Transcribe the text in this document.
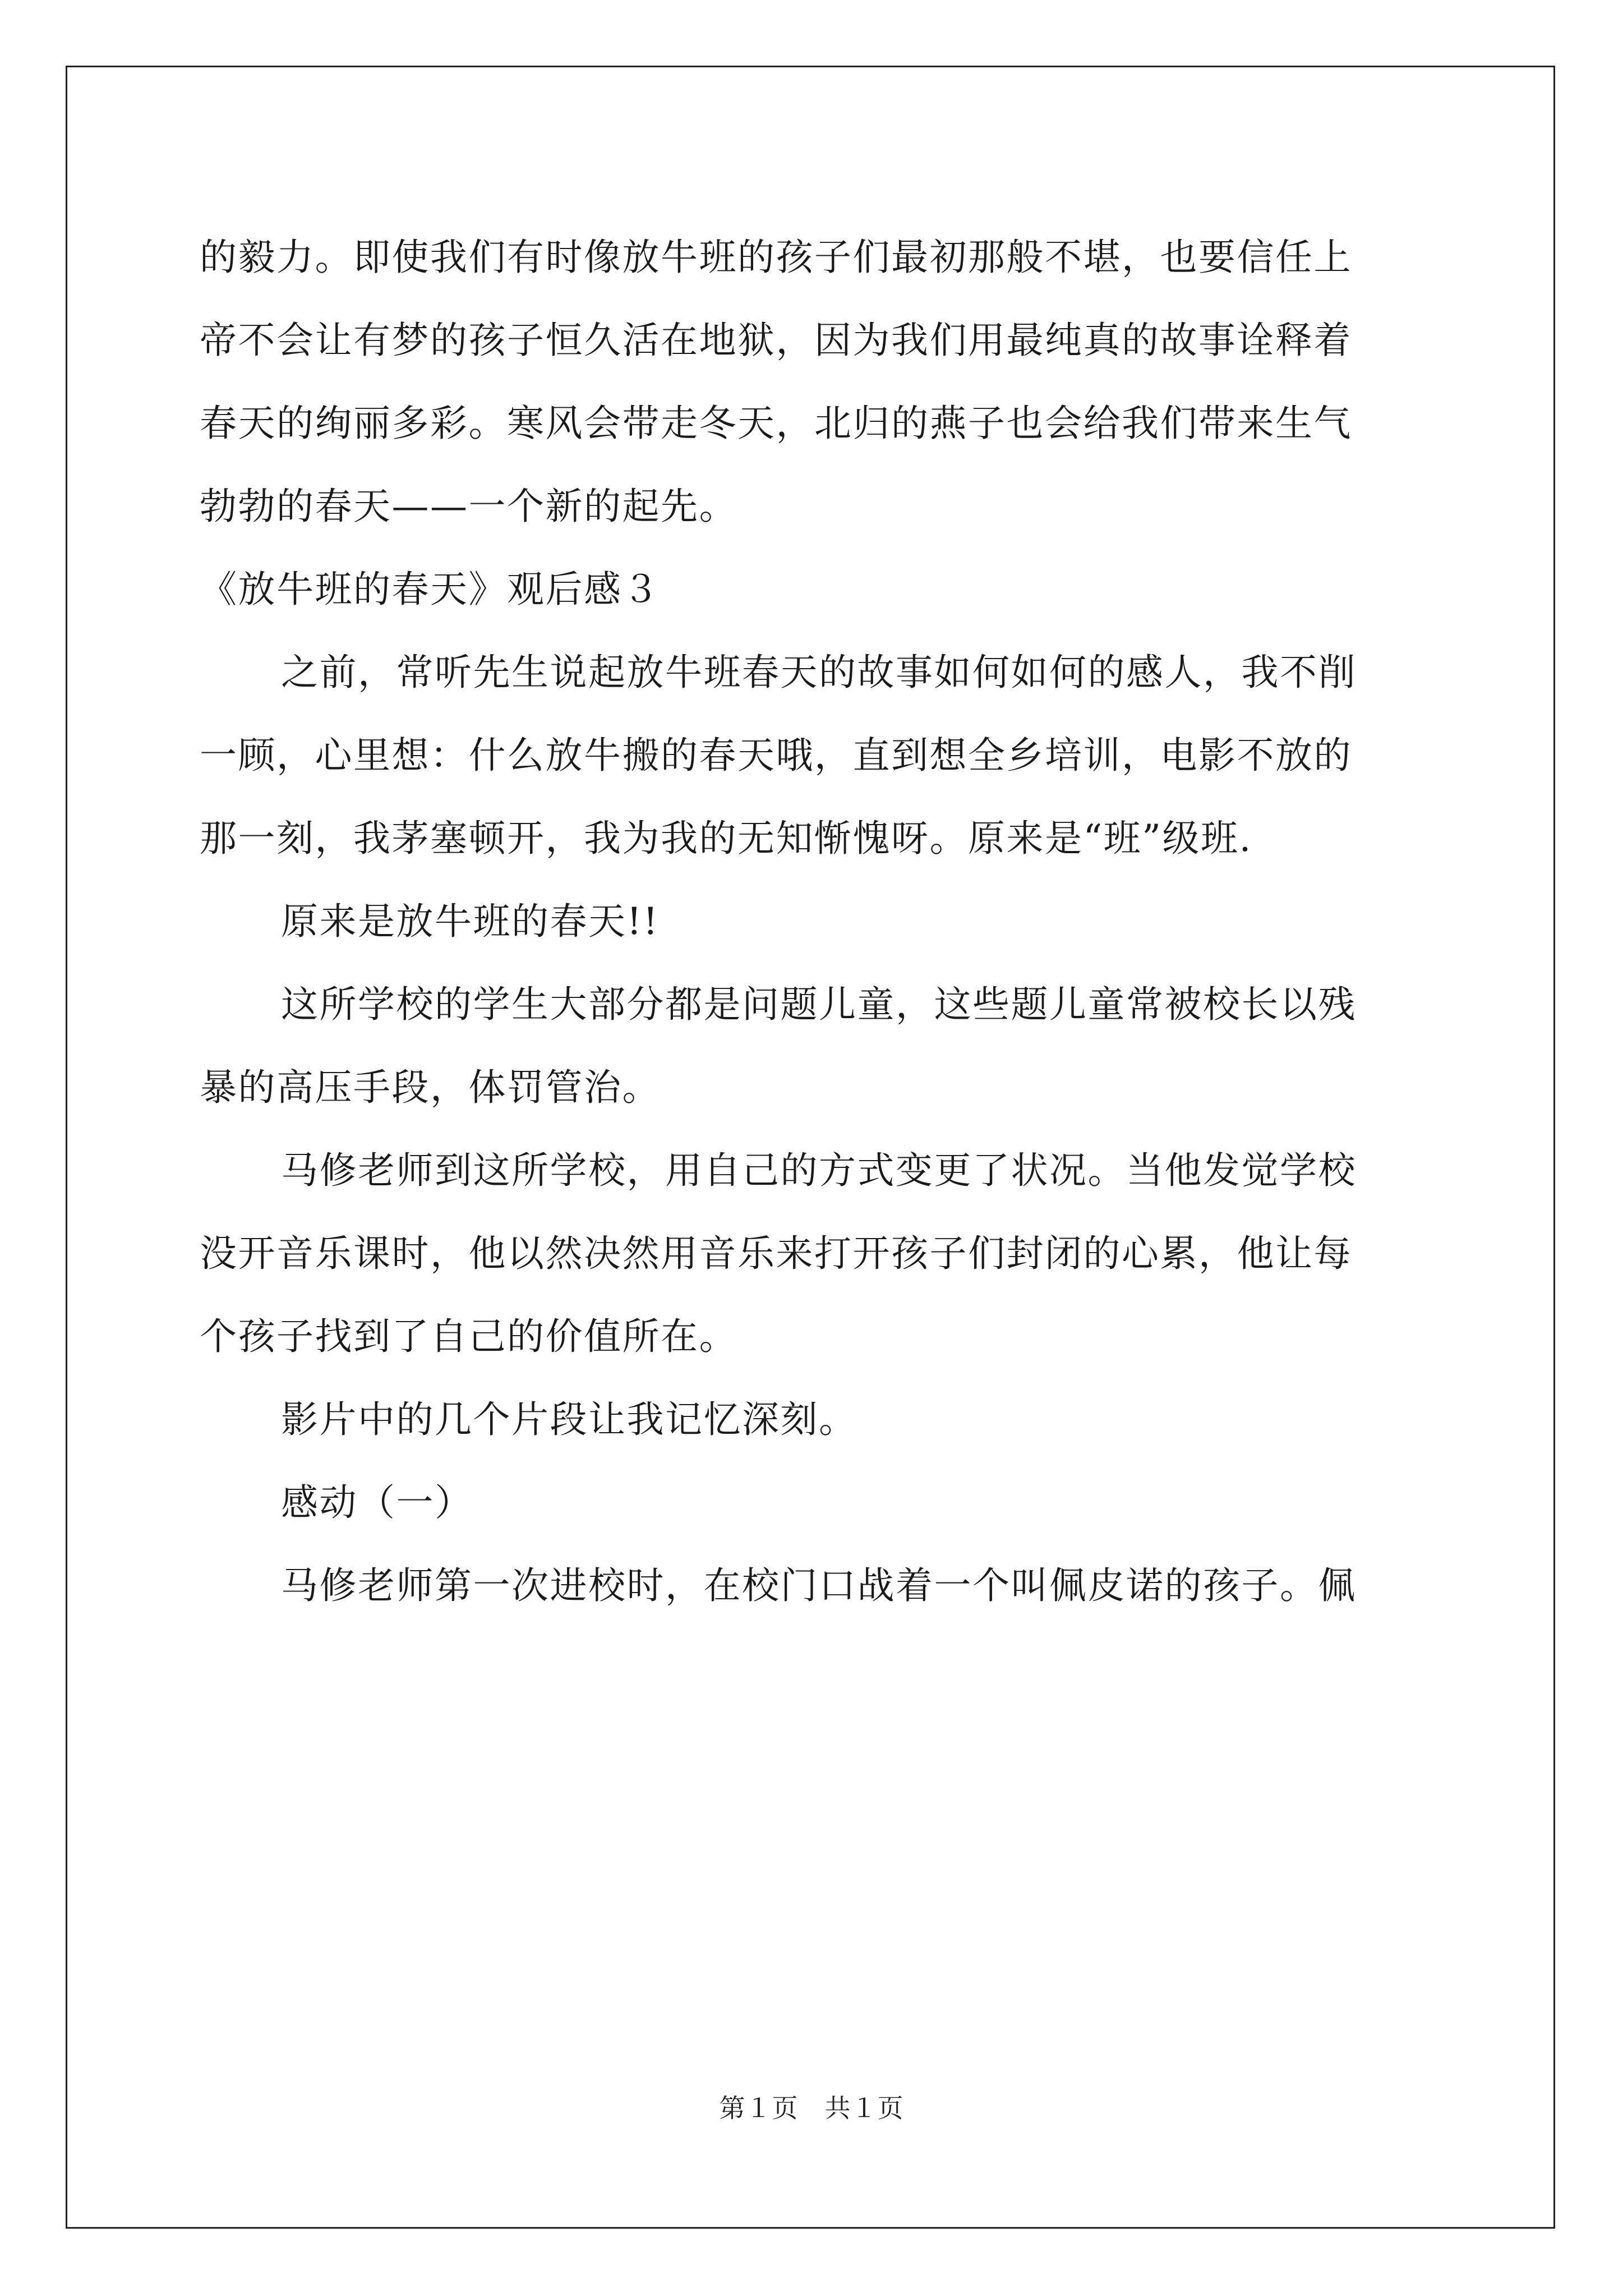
的毅力。即使我们有时像放牛班的孩子们最初那般不堪，也要信任上
帝不会让有梦的孩子恒久活在地狱，因为我们用最纯真的故事诠释着
春天的绚丽多彩。寒风会带走冬天，北归的燕子也会给我们带来生气
勃勃的春天——一个新的起先。
《放牛班的春天》观后感３
之前，常听先生说起放牛班春天的故事如何如何的感人，我不削
一顾，心里想：什么放牛搬的春天哦，直到想全乡培训，电影不放的
那一刻，我茅塞顿开，我为我的无知惭愧呀。原来是“班”级班.
原来是放牛班的春天!!
这所学校的学生大部分都是问题儿童，这些题儿童常被校长以残
暴的高压手段，体罚管治。
马修老师到这所学校，用自己的方式变更了状况。当他发觉学校
没开音乐课时，他以然决然用音乐来打开孩子们封闭的心累，他让每
个孩子找到了自己的价值所在。
影片中的几个片段让我记忆深刻。
感动（一）
马修老师第一次进校时，在校门口战着一个叫佩皮诺的孩子。佩
第１页　共１页
